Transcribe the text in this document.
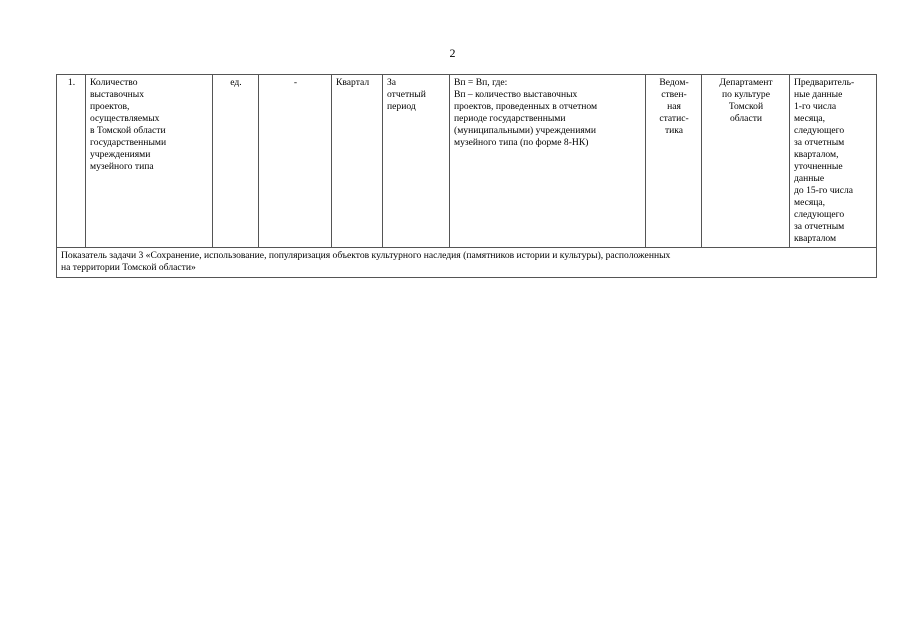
2
1.	Количество
выставочных
проектов,
осуществляемых
в Томской области
государственными
учреждениями
музейного типа	ед.	-	Квартал	За
отчетный
период	Вп = Вп, где:
Вп – количество выставочных
проектов, проведенных в отчетном
периоде государственными
(муниципальными) учреждениями
музейного типа (по форме 8-НК)	Ведом-
ствен-
ная
статис-
тика	Департамент
по культуре
Томской
области	Предваритель-
ные данные
1-го числа
месяца,
следующего
за отчетным
кварталом,
уточненные
данные
до 15-го числа
месяца,
следующего
за отчетным
кварталом
Показатель задачи 3 «Сохранение, использование, популяризация объектов культурного наследия (памятников истории и культуры), расположенных
на территории Томской области»
